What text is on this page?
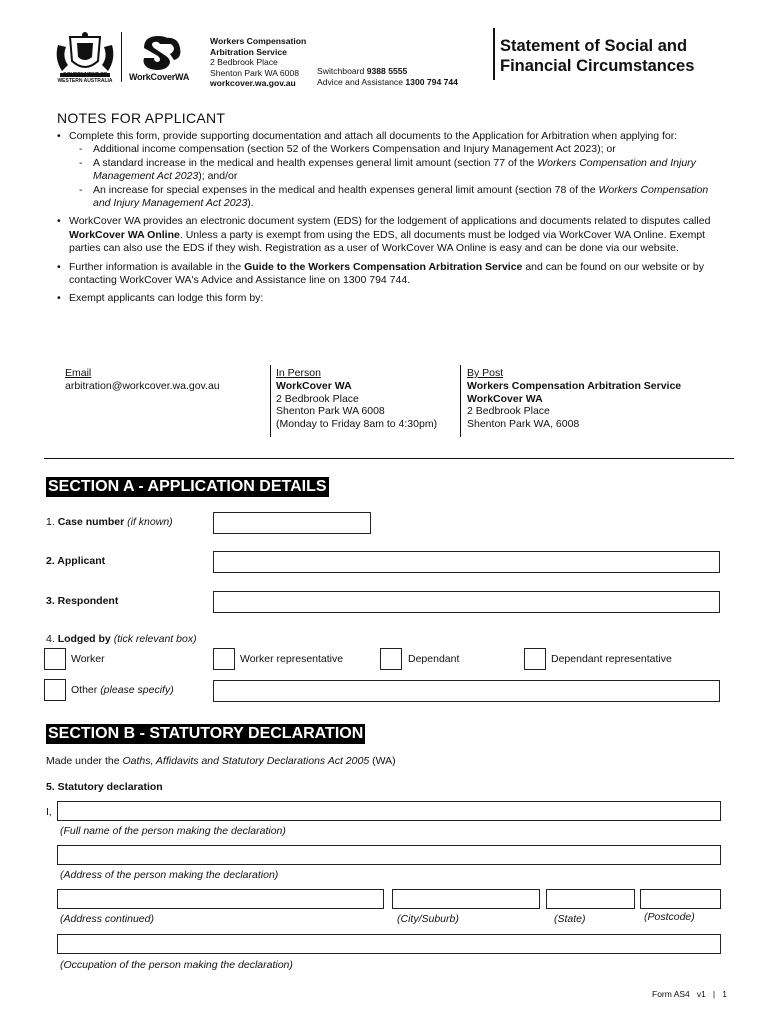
GOVERNMENT OF
WESTERN AUSTRALIA	WorkCoverWA
Workers Compensation
Arbitration Service
2 Bedbrook Place
Shenton Park WA 6008
workcover.wa.gov.au
Switchboard 9388 5555
Advice and Assistance 1300 794 744
Statement of Social and
Financial Circumstances
NOTES FOR APPLICANT
• Complete this form, provide supporting documentation and attach all documents to the Application for Arbitration when applying for:
- Additional income compensation (section 52 of the Workers Compensation and Injury Management Act 2023); or
- A standard increase in the medical and health expenses general limit amount (section 77 of the Workers Compensation and Injury Management Act 2023); and/or
- An increase for special expenses in the medical and health expenses general limit amount (section 78 of the Workers Compensation and Injury Management Act 2023).
• WorkCover WA provides an electronic document system (EDS) for the lodgement of applications and documents related to disputes called WorkCover WA Online. Unless a party is exempt from using the EDS, all documents must be lodged via WorkCover WA Online. Exempt parties can also use the EDS if they wish. Registration as a user of WorkCover WA Online is easy and can be done via our website.
• Further information is available in the Guide to the Workers Compensation Arbitration Service and can be found on our website or by contacting WorkCover WA's Advice and Assistance line on 1300 794 744.
• Exempt applicants can lodge this form by:
Email
arbitration@workcover.wa.gov.au
In Person
WorkCover WA
2 Bedbrook Place
Shenton Park WA 6008
(Monday to Friday 8am to 4:30pm)
By Post
Workers Compensation Arbitration Service
WorkCover WA
2 Bedbrook Place
Shenton Park WA, 6008
SECTION A - APPLICATION DETAILS
1. Case number (if known)
2. Applicant
3. Respondent
4. Lodged by (tick relevant box)
Worker	Worker representative	Dependant	Dependant representative
Other (please specify)
SECTION B - STATUTORY DECLARATION
Made under the Oaths, Affidavits and Statutory Declarations Act 2005 (WA)
5. Statutory declaration
I,
(Full name of the person making the declaration)
(Address of the person making the declaration)
(Address continued)	(City/Suburb)	(State)	(Postcode)
(Occupation of the person making the declaration)
Form AS4   v1   |   1
